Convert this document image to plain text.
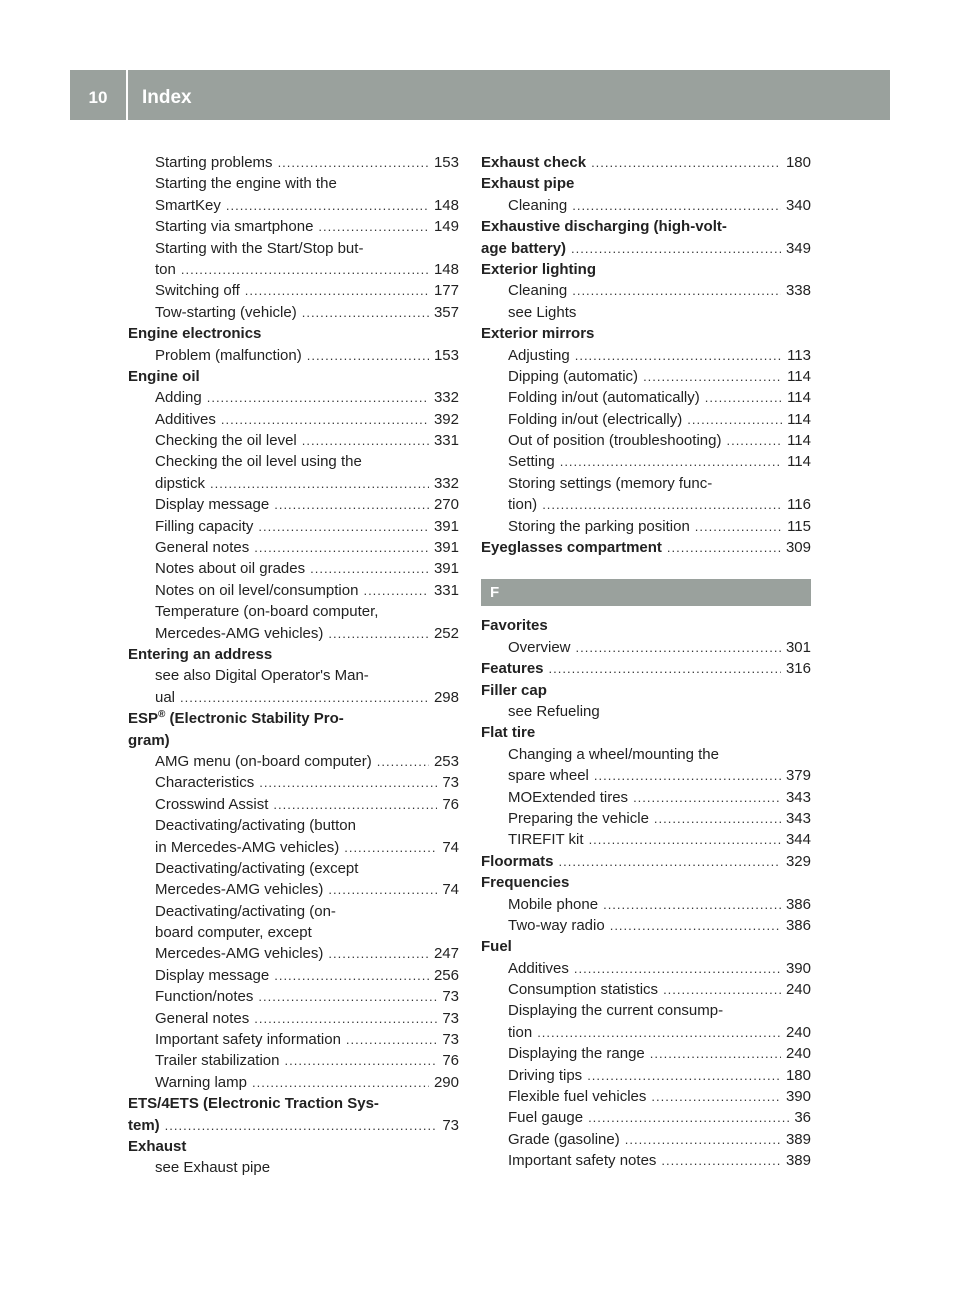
10	Index
Starting problems .....	153
Starting the engine with the
SmartKey .....	148
Starting via smartphone .....	149
Starting with the Start/Stop but-
ton .....	148
Switching off .....	177
Tow-starting (vehicle) .....	357
Engine electronics
Problem (malfunction) .....	153
Engine oil
Adding .....	332
Additives .....	392
Checking the oil level .....	331
Checking the oil level using the
dipstick .....	332
Display message .....	270
Filling capacity .....	391
General notes .....	391
Notes about oil grades .....	391
Notes on oil level/consumption .....	331
Temperature (on-board computer,
Mercedes-AMG vehicles) .....	252
Entering an address
see also Digital Operator's Man-
ual .....	298
ESP® (Electronic Stability Pro-
gram)
AMG menu (on-board computer) .....	253
Characteristics .....	73
Crosswind Assist .....	76
Deactivating/activating (button
in Mercedes-AMG vehicles) .....	74
Deactivating/activating (except
Mercedes-AMG vehicles) .....	74
Deactivating/activating (on-
board computer, except
Mercedes-AMG vehicles) .....	247
Display message .....	256
Function/notes .....	73
General notes .....	73
Important safety information .....	73
Trailer stabilization .....	76
Warning lamp .....	290
ETS/4ETS (Electronic Traction Sys-
tem) .....	73
Exhaust
see Exhaust pipe
Exhaust check .....	180
Exhaust pipe
Cleaning .....	340
Exhaustive discharging (high-volt-
age battery) .....	349
Exterior lighting
Cleaning .....	338
see Lights
Exterior mirrors
Adjusting .....	113
Dipping (automatic) .....	114
Folding in/out (automatically) .....	114
Folding in/out (electrically) .....	114
Out of position (troubleshooting) .....	114
Setting .....	114
Storing settings (memory func-
tion) .....	116
Storing the parking position .....	115
Eyeglasses compartment .....	309
F
Favorites
Overview .....	301
Features .....	316
Filler cap
see Refueling
Flat tire
Changing a wheel/mounting the
spare wheel .....	379
MOExtended tires .....	343
Preparing the vehicle .....	343
TIREFIT kit .....	344
Floormats .....	329
Frequencies
Mobile phone .....	386
Two-way radio .....	386
Fuel
Additives .....	390
Consumption statistics .....	240
Displaying the current consump-
tion .....	240
Displaying the range .....	240
Driving tips .....	180
Flexible fuel vehicles .....	390
Fuel gauge .....	36
Grade (gasoline) .....	389
Important safety notes .....	389
